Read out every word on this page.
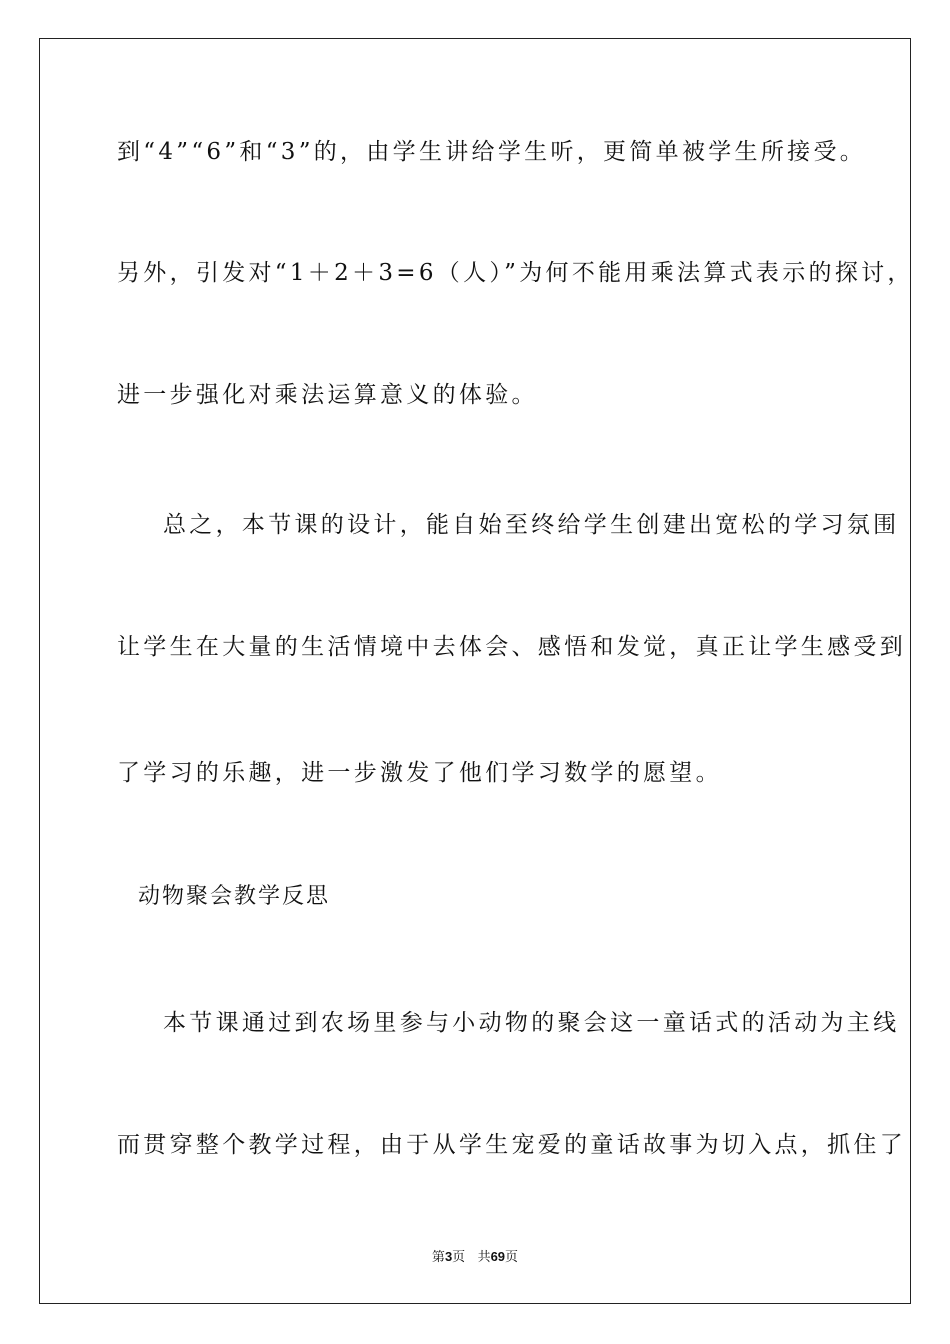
到“4”“6”和“3”的，由学生讲给学生听，更简单被学生所接受。
另外，引发对“1＋2＋3=6（人）”为何不能用乘法算式表示的探讨，
进一步强化对乘法运算意义的体验。
总之，本节课的设计，能自始至终给学生创建出宽松的学习氛围
让学生在大量的生活情境中去体会、感悟和发觉，真正让学生感受到
了学习的乐趣，进一步激发了他们学习数学的愿望。
动物聚会教学反思
本节课通过到农场里参与小动物的聚会这一童话式的活动为主线
而贯穿整个教学过程，由于从学生宠爱的童话故事为切入点，抓住了
第3页   共69页
